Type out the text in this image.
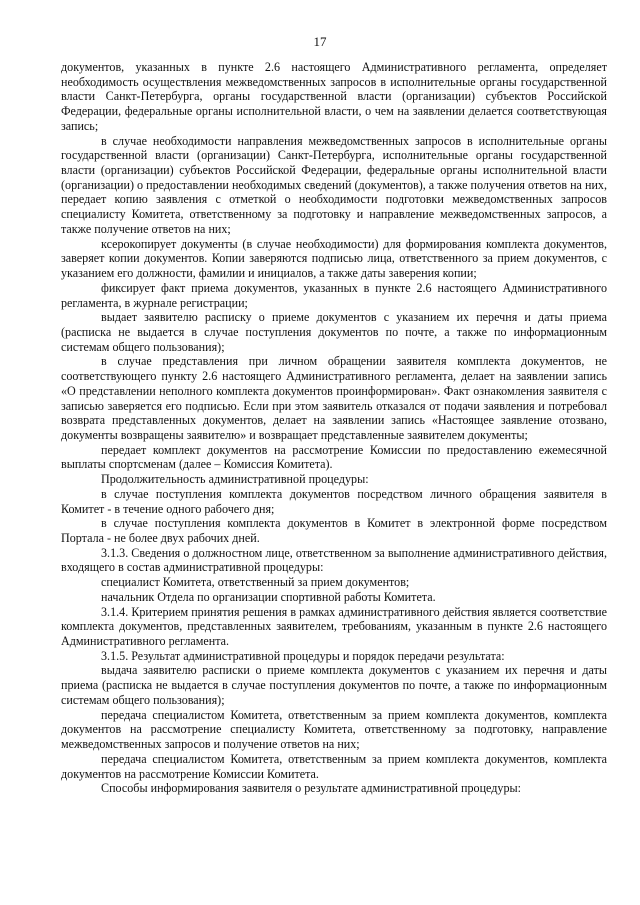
17

документов, указанных в пункте 2.6 настоящего Административного регламента, определяет необходимость осуществления межведомственных запросов в исполнительные органы государственной власти Санкт-Петербурга, органы государственной власти (организации) субъектов Российской Федерации, федеральные органы исполнительной власти, о чем на заявлении делается соответствующая запись;

в случае необходимости направления межведомственных запросов в исполнительные органы государственной власти (организации) Санкт-Петербурга, исполнительные органы государственной власти (организации) субъектов Российской Федерации, федеральные органы исполнительной власти (организации) о предоставлении необходимых сведений (документов), а также получения ответов на них, передает копию заявления с отметкой о необходимости подготовки межведомственных запросов специалисту Комитета, ответственному за подготовку и направление межведомственных запросов, а также получение ответов на них;

ксерокопирует документы (в случае необходимости) для формирования комплекта документов, заверяет копии документов. Копии заверяются подписью лица, ответственного за прием документов, с указанием его должности, фамилии и инициалов, а также даты заверения копии;

фиксирует факт приема документов, указанных в пункте 2.6 настоящего Административного регламента, в журнале регистрации;

выдает заявителю расписку о приеме документов с указанием их перечня и даты приема (расписка не выдается в случае поступления документов по почте, а также по информационным системам общего пользования);

в случае представления при личном обращении заявителя комплекта документов, не соответствующего пункту 2.6 настоящего Административного регламента, делает на заявлении запись «О представлении неполного комплекта документов проинформирован». Факт ознакомления заявителя с записью заверяется его подписью. Если при этом заявитель отказался от подачи заявления и потребовал возврата представленных документов, делает на заявлении запись «Настоящее заявление отозвано, документы возвращены заявителю» и возвращает представленные заявителем документы;

передает комплект документов на рассмотрение Комиссии по предоставлению ежемесячной выплаты спортсменам (далее – Комиссия Комитета).

Продолжительность административной процедуры:

в случае поступления комплекта документов посредством личного обращения заявителя в Комитет - в течение одного рабочего дня;

в случае поступления комплекта документов в Комитет в электронной форме посредством Портала - не более двух рабочих дней.

3.1.3. Сведения о должностном лице, ответственном за выполнение административного действия, входящего в состав административной процедуры:

специалист Комитета, ответственный за прием документов;

начальник Отдела по организации спортивной работы Комитета.

3.1.4. Критерием принятия решения в рамках административного действия является соответствие комплекта документов, представленных заявителем, требованиям, указанным в пункте 2.6 настоящего Административного регламента.

3.1.5. Результат административной процедуры и порядок передачи результата:

выдача заявителю расписки о приеме комплекта документов с указанием их перечня и даты приема (расписка не выдается в случае поступления документов по почте, а также по информационным системам общего пользования);

передача специалистом Комитета, ответственным за прием комплекта документов, комплекта документов на рассмотрение специалисту Комитета, ответственному за подготовку, направление межведомственных запросов и получение ответов на них;

передача специалистом Комитета, ответственным за прием комплекта документов, комплекта документов на рассмотрение Комиссии Комитета.

Способы информирования заявителя о результате административной процедуры:
